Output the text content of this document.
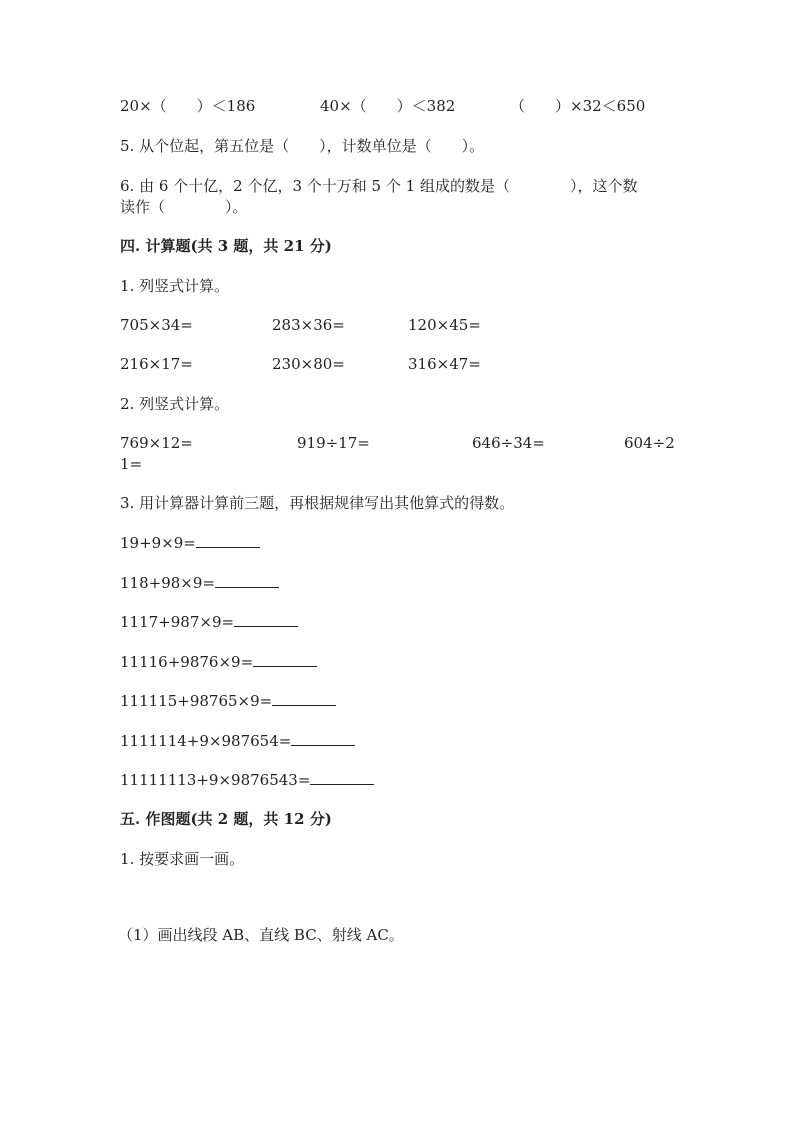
20×（　　）＜186	40×（　　）＜382	（　　）×32＜650
5. 从个位起，第五位是（　　），计数单位是（　　）。
6. 由 6 个十亿，2 个亿，3 个十万和 5 个 1 组成的数是（　　　　），这个数
读作（　　　　）。
四. 计算题(共 3 题，共 21 分)
1. 列竖式计算。
705×34=	283×36=	120×45=
216×17=	230×80=	316×47=
2. 列竖式计算。
769×12=	919÷17=	646÷34=	604÷2
1=
3. 用计算器计算前三题，再根据规律写出其他算式的得数。
19+9×9=
118+98×9=
1117+987×9=
11116+9876×9=
111115+98765×9=
1111114+9×987654=
11111113+9×9876543=
五. 作图题(共 2 题，共 12 分)
1. 按要求画一画。
（1）画出线段 AB、直线 BC、射线 AC。
